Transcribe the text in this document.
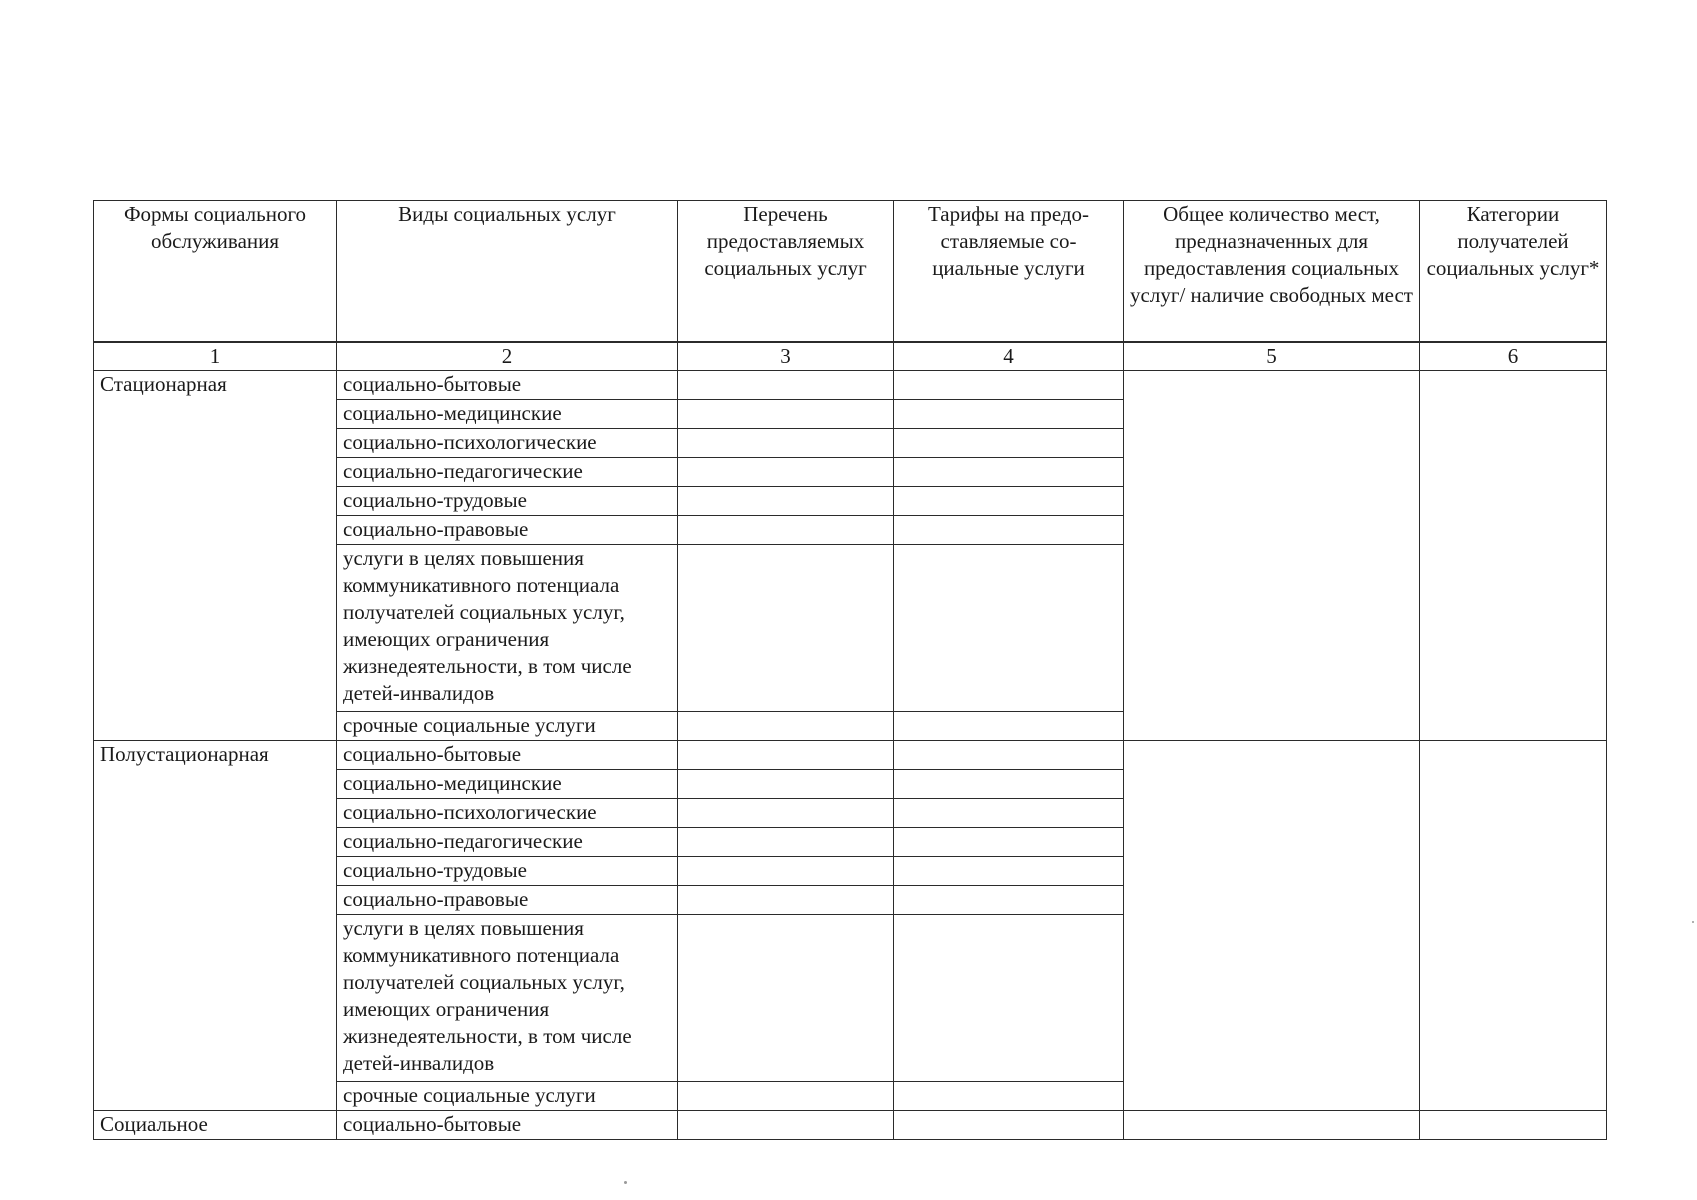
Формы социального обслуживания	Виды социальных услуг	Перечень предоставляемых социальных услуг	Тарифы на предо-ставляемые со-циальные услуги	Общее количество мест, предназначенных для предоставления социальных услуг/ наличие свободных мест	Категории получателей социальных услуг*
1	2	3	4	5	6
Стационарная	социально-бытовые				
	социально-медицинские				
	социально-психологические				
	социально-педагогические				
	социально-трудовые				
	социально-правовые				
	услуги в целях повышения коммуникативного потенциала получателей социальных услуг, имеющих ограничения жизнедеятельности, в том числе детей-инвалидов				
	срочные социальные услуги				
Полустационарная	социально-бытовые				
	социально-медицинские				
	социально-психологические				
	социально-педагогические				
	социально-трудовые				
	социально-правовые				
	услуги в целях повышения коммуникативного потенциала получателей социальных услуг, имеющих ограничения жизнедеятельности, в том числе детей-инвалидов				
	срочные социальные услуги				
Социальное	социально-бытовые				
